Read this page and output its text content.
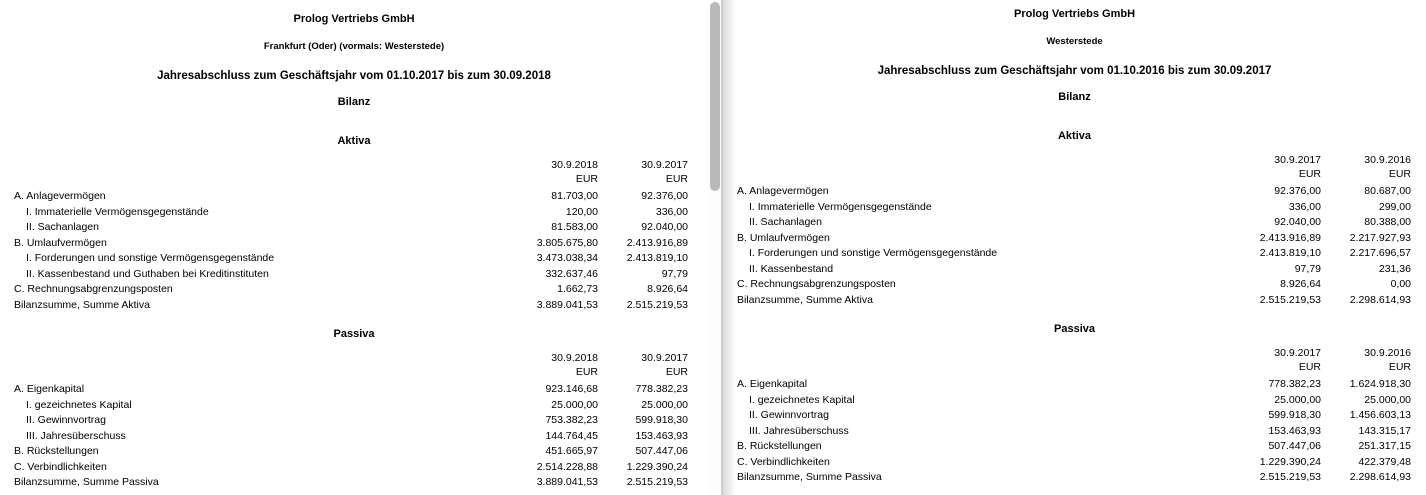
Prolog Vertriebs GmbH
Frankfurt (Oder) (vormals: Westerstede)
Jahresabschluss zum Geschäftsjahr vom 01.10.2017 bis zum 30.09.2018
Bilanz
Aktiva
30.9.2018
EUR
30.9.2017
EUR
A. Anlagevermögen	81.703,00	92.376,00
I. Immaterielle Vermögensgegenstände	120,00	336,00
II. Sachanlagen	81.583,00	92.040,00
B. Umlaufvermögen	3.805.675,80	2.413.916,89
I. Forderungen und sonstige Vermögensgegenstände	3.473.038,34	2.413.819,10
II. Kassenbestand und Guthaben bei Kreditinstituten	332.637,46	97,79
C. Rechnungsabgrenzungsposten	1.662,73	8.926,64
Bilanzsumme, Summe Aktiva	3.889.041,53	2.515.219,53
Passiva
30.9.2018
EUR
30.9.2017
EUR
A. Eigenkapital	923.146,68	778.382,23
I. gezeichnetes Kapital	25.000,00	25.000,00
II. Gewinnvortrag	753.382,23	599.918,30
III. Jahresüberschuss	144.764,45	153.463,93
B. Rückstellungen	451.665,97	507.447,06
C. Verbindlichkeiten	2.514.228,88	1.229.390,24
Bilanzsumme, Summe Passiva	3.889.041,53	2.515.219,53
Prolog Vertriebs GmbH
Westerstede
Jahresabschluss zum Geschäftsjahr vom 01.10.2016 bis zum 30.09.2017
Bilanz
Aktiva
30.9.2017
EUR
30.9.2016
EUR
A. Anlagevermögen	92.376,00	80.687,00
I. Immaterielle Vermögensgegenstände	336,00	299,00
II. Sachanlagen	92.040,00	80.388,00
B. Umlaufvermögen	2.413.916,89	2.217.927,93
I. Forderungen und sonstige Vermögensgegenstände	2.413.819,10	2.217.696,57
II. Kassenbestand	97,79	231,36
C. Rechnungsabgrenzungsposten	8.926,64	0,00
Bilanzsumme, Summe Aktiva	2.515.219,53	2.298.614,93
Passiva
30.9.2017
EUR
30.9.2016
EUR
A. Eigenkapital	778.382,23	1.624.918,30
I. gezeichnetes Kapital	25.000,00	25.000,00
II. Gewinnvortrag	599.918,30	1.456.603,13
III. Jahresüberschuss	153.463,93	143.315,17
B. Rückstellungen	507.447,06	251.317,15
C. Verbindlichkeiten	1.229.390,24	422.379,48
Bilanzsumme, Summe Passiva	2.515.219,53	2.298.614,93
